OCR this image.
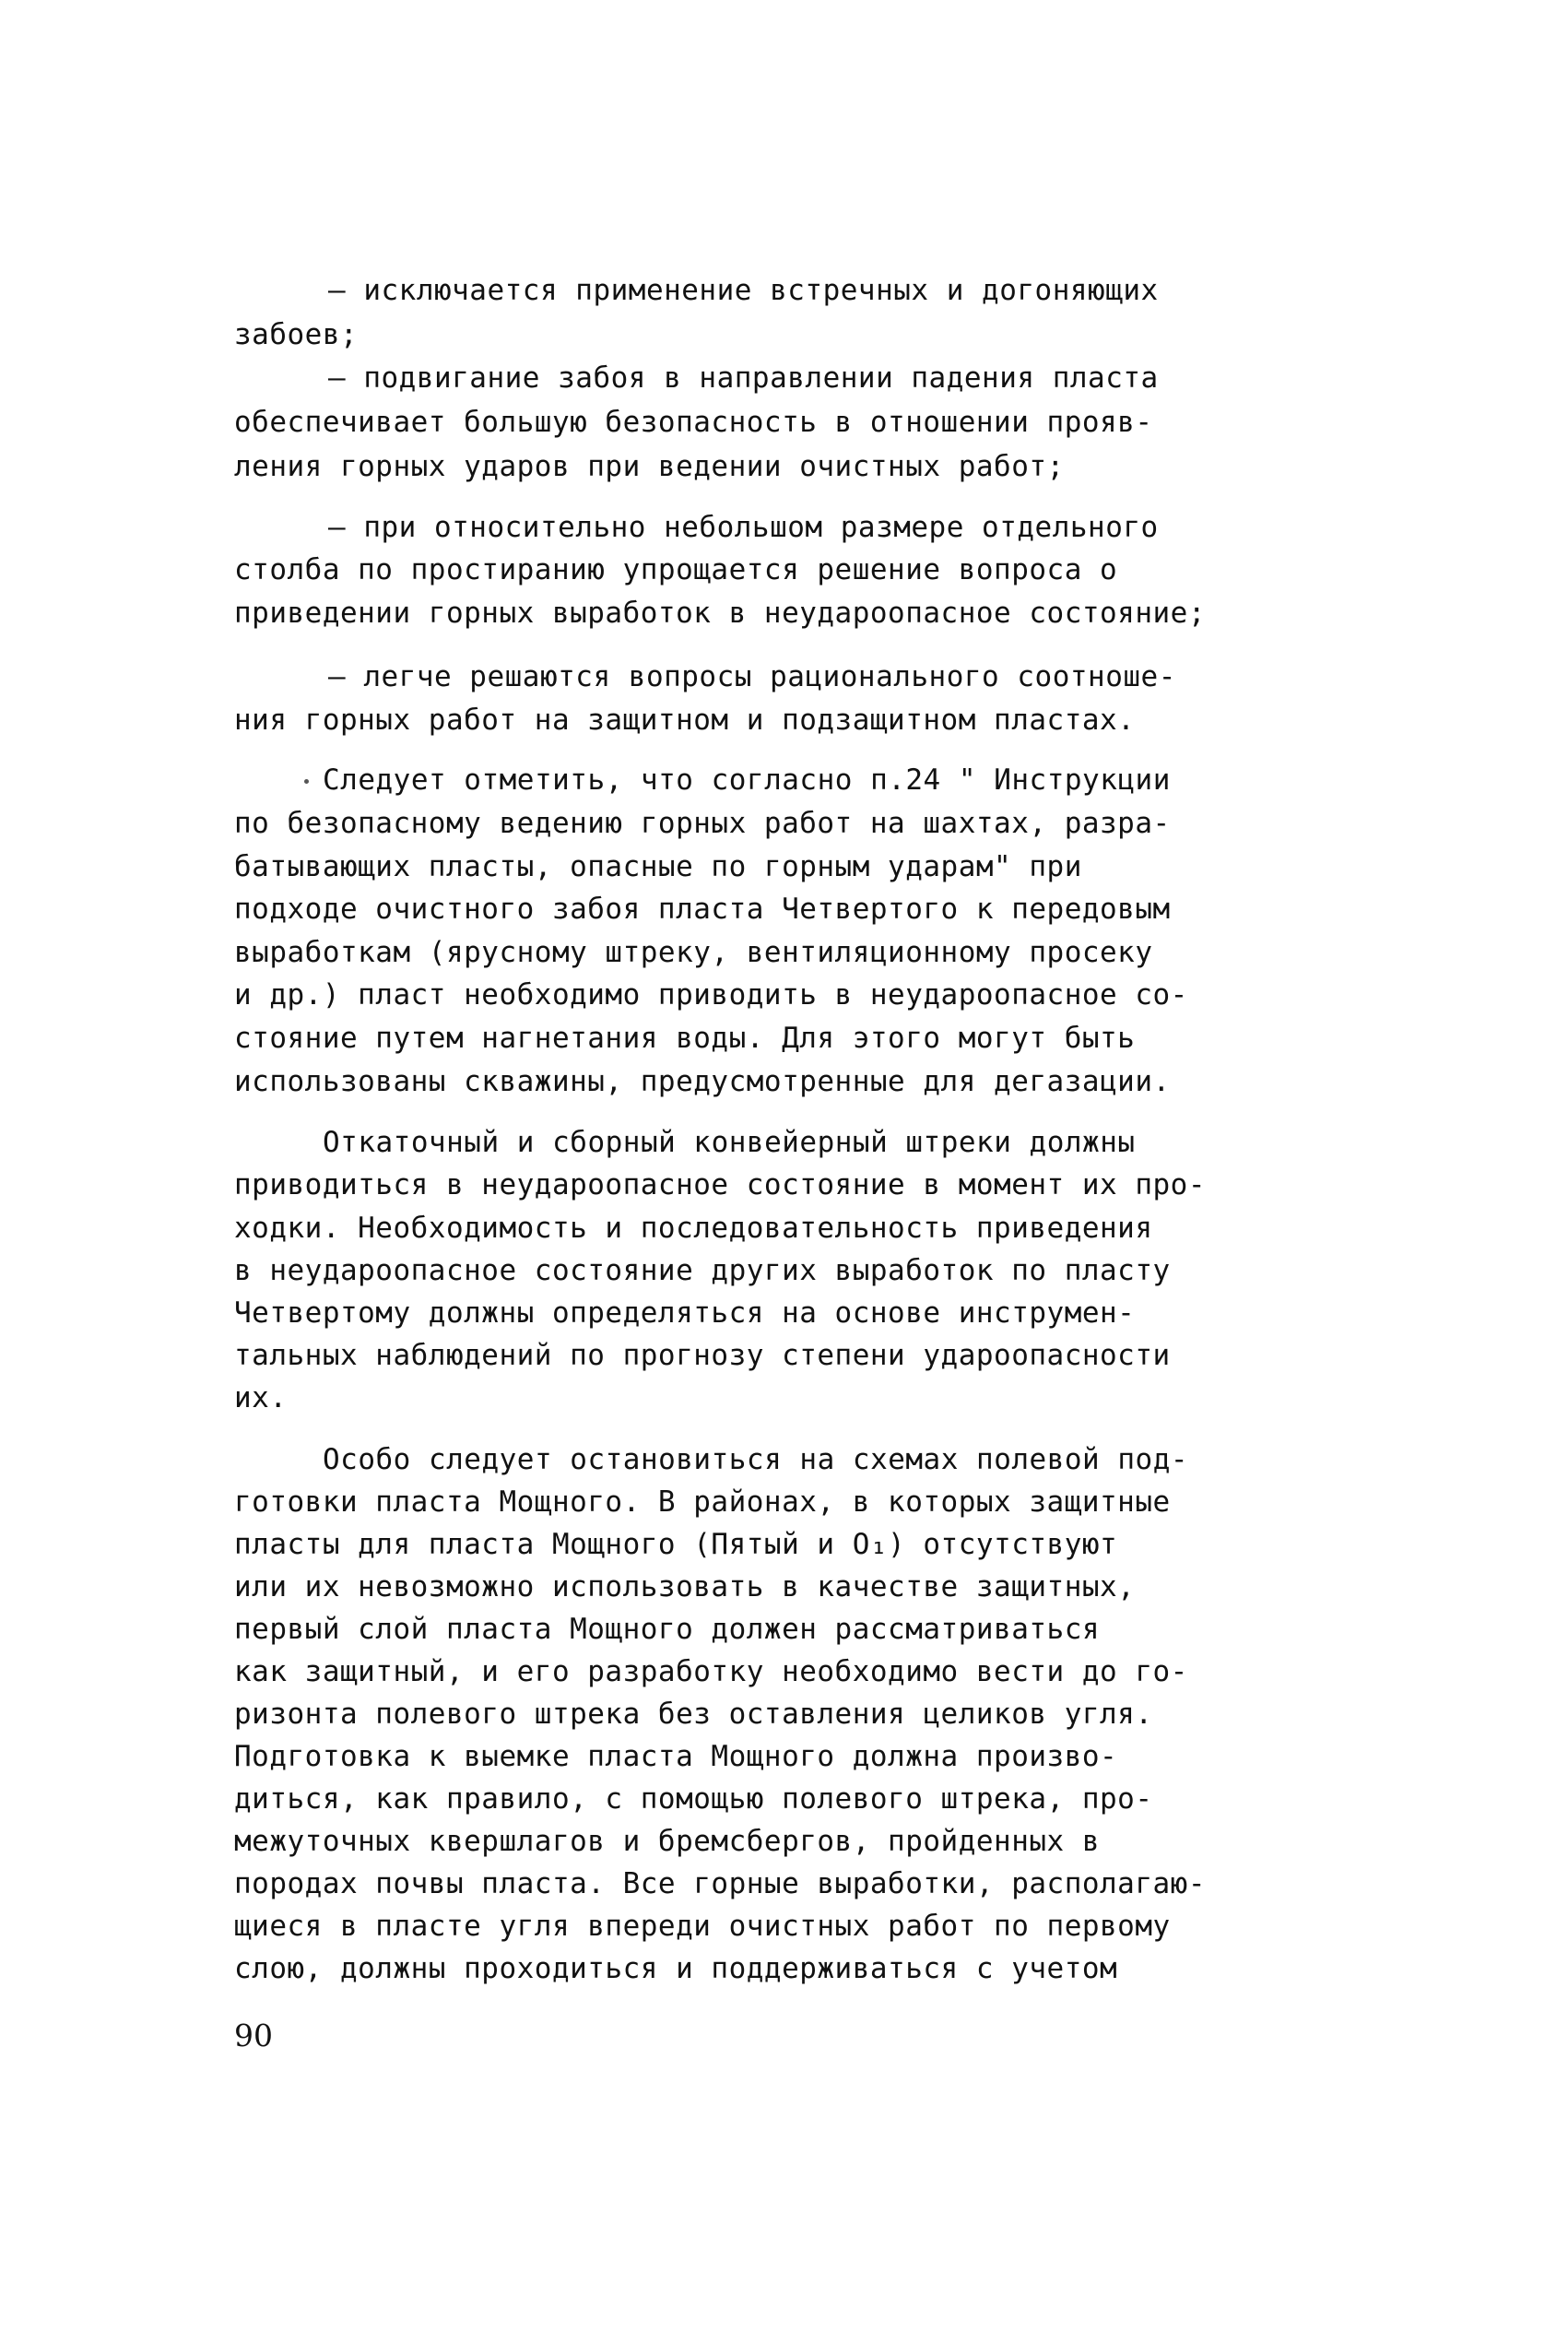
– исключается применение встречных и догоняющих
забоев;
– подвигание забоя в направлении падения пласта
обеспечивает большую безопасность в отношении прояв-
ления горных ударов при ведении очистных работ;
– при относительно небольшом размере отдельного
столба по простиранию упрощается решение вопроса о
приведении горных выработок в неудароопасное состояние;
– легче решаются вопросы рационального соотноше-
ния горных работ на защитном и подзащитном пластах.
Следует отметить, что согласно п.24 " Инструкции
по безопасному ведению горных работ на шахтах, разра-
батывающих пласты, опасные по горным ударам" при
подходе очистного забоя пласта Четвертого к передовым
выработкам (ярусному штреку, вентиляционному просеку
и др.) пласт необходимо приводить в неудароопасное со-
стояние путем нагнетания воды. Для этого могут быть
использованы скважины, предусмотренные для дегазации.
Откаточный и сборный конвейерный штреки должны
приводиться в неудароопасное состояние в момент их про-
ходки. Необходимость и последовательность приведения
в неудароопасное состояние других выработок по пласту
Четвертому должны определяться на основе инструмен-
тальных наблюдений по прогнозу степени удароопасности
их.
Особо следует остановиться на схемах полевой под-
готовки пласта Мощного. В районах, в которых защитные
пласты для пласта Мощного (Пятый и О₁) отсутствуют
или их невозможно использовать в качестве защитных,
первый слой пласта Мощного должен рассматриваться
как защитный, и его разработку необходимо вести до го-
ризонта полевого штрека без оставления целиков угля.
Подготовка к выемке пласта Мощного должна произво-
диться, как правило, с помощью полевого штрека, про-
межуточных квершлагов и бремсбергов, пройденных в
породах почвы пласта. Все горные выработки, располагаю-
щиеся в пласте угля впереди очистных работ по первому
слою, должны проходиться и поддерживаться с учетом
90
